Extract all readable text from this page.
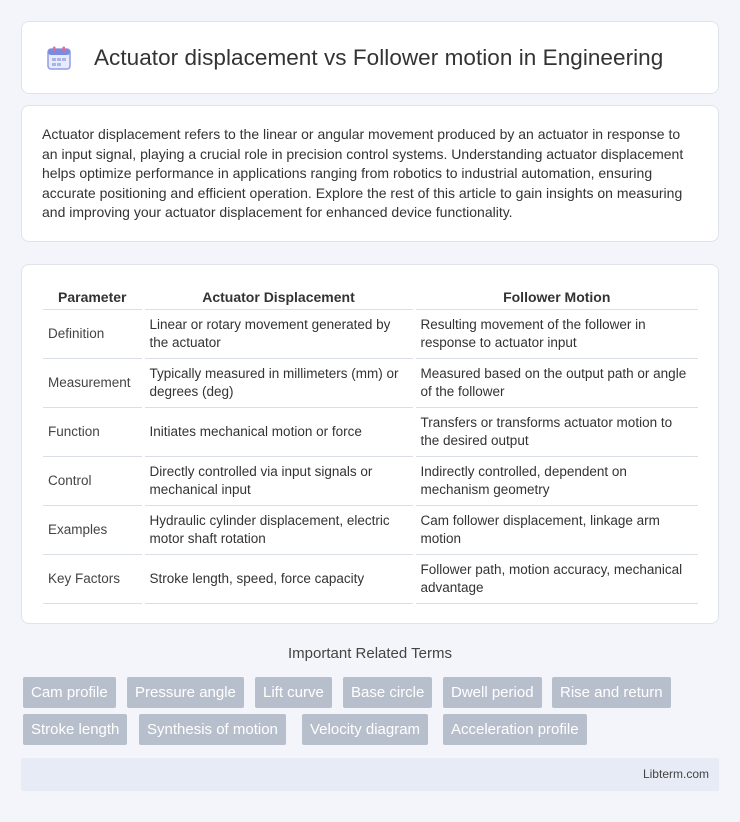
Actuator displacement vs Follower motion in Engineering

Actuator displacement refers to the linear or angular movement produced by an actuator in response to an input signal, playing a crucial role in precision control systems. Understanding actuator displacement helps optimize performance in applications ranging from robotics to industrial automation, ensuring accurate positioning and efficient operation. Explore the rest of this article to gain insights on measuring and improving your actuator displacement for enhanced device functionality.

Parameter	Actuator Displacement	Follower Motion
Definition	Linear or rotary movement generated by the actuator	Resulting movement of the follower in response to actuator input
Measurement	Typically measured in millimeters (mm) or degrees (deg)	Measured based on the output path or angle of the follower
Function	Initiates mechanical motion or force	Transfers or transforms actuator motion to the desired output
Control	Directly controlled via input signals or mechanical input	Indirectly controlled, dependent on mechanism geometry
Examples	Hydraulic cylinder displacement, electric motor shaft rotation	Cam follower displacement, linkage arm motion
Key Factors	Stroke length, speed, force capacity	Follower path, motion accuracy, mechanical advantage
Important Related Terms
Cam profile	Pressure angle	Lift curve	Base circle	Dwell period	Rise and return
Stroke length	Synthesis of motion	Velocity diagram	Acceleration profile
Libterm.com
